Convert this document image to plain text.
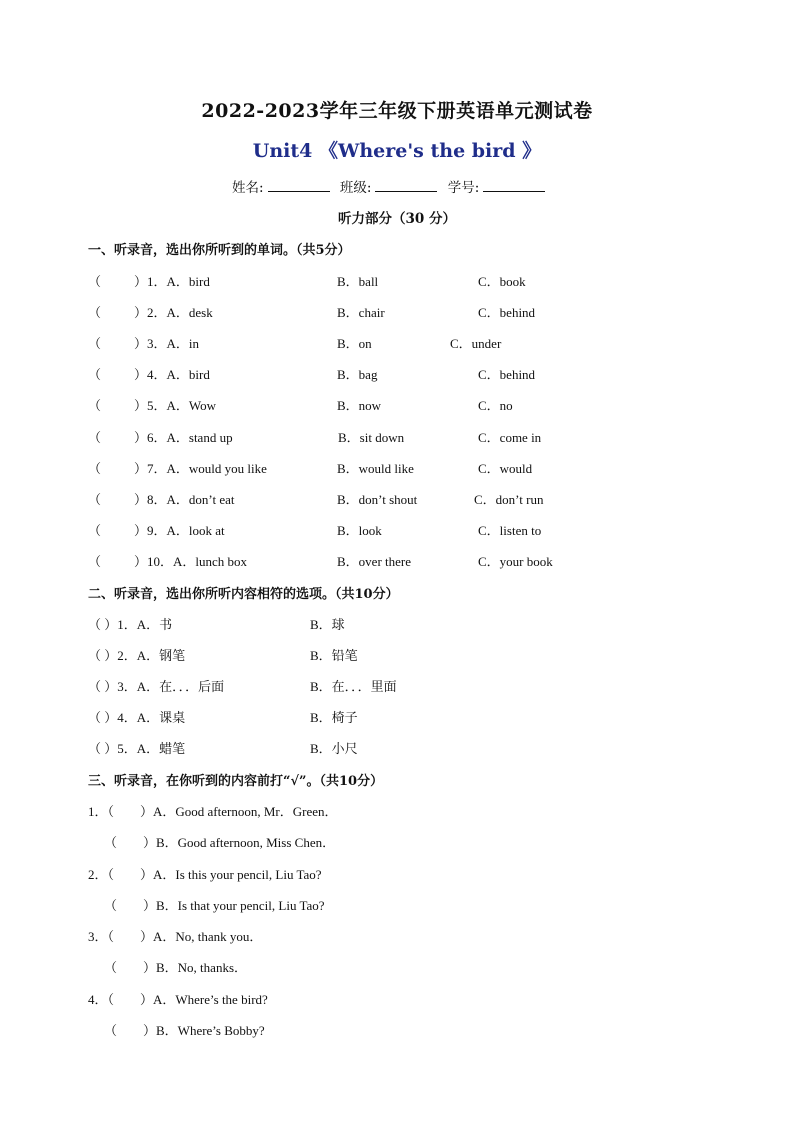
2022-2023学年三年级下册英语单元测试卷
Unit4 《Where's the bird 》
姓名:	班级:	学号:
听力部分（30 分）
一、听录音，选出你所听到的单词。（共5分）
（	）1．A．bird	B．ball	C．book
（	）2．A．desk	B．chair	C．behind
（	）3．A．in	B．on	C．under
（	）4．A．bird	B．bag	C．behind
（	）5．A．Wow	B．now	C．no
（	）6．A．stand up	B．sit down	C．come in
（	）7．A．would you like	B．would like	C．would
（	）8．A．don’t eat	B．don’t shout	C．don’t run
（	）9．A．look at	B．look	C．listen to
（	）10．A．lunch box	B．over there	C．your book
二、听录音，选出你所听内容相符的选项。（共10分）
（ ）1．A．书	B．球
（ ）2．A．钢笔	B．铅笔
（ ）3．A．在．．．后面	B．在．．．里面
（ ）4．A．课桌	B．椅子
（ ）5．A．蜡笔	B．小尺
三、听录音，在你听到的内容前打“√”。（共10分）
1．（　　）A．Good afternoon, Mr．Green．
（　　）B．Good afternoon, Miss Chen．
2．（　　）A．Is this your pencil, Liu Tao?
（　　）B．Is that your pencil, Liu Tao?
3．（　　）A．No, thank you．
（　　）B．No, thanks．
4．（　　）A．Where’s the bird?
（　　）B．Where’s Bobby?
